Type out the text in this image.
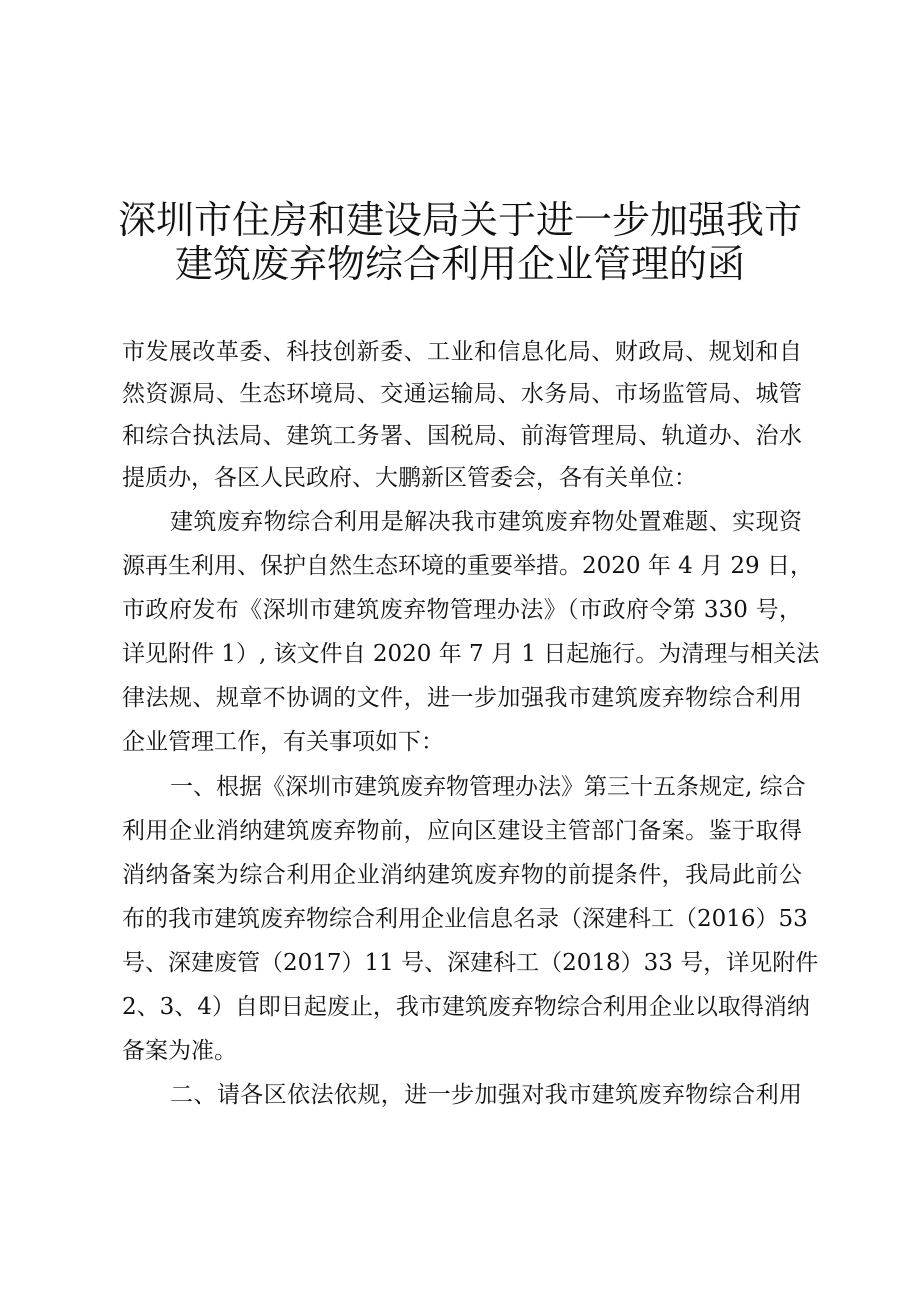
深圳市住房和建设局关于进一步加强我市
建筑废弃物综合利用企业管理的函
市发展改革委、科技创新委、工业和信息化局、财政局、规划和自
然资源局、生态环境局、交通运输局、水务局、市场监管局、城管
和综合执法局、建筑工务署、国税局、前海管理局、轨道办、治水
提质办，各区人民政府、大鹏新区管委会，各有关单位：
建筑废弃物综合利用是解决我市建筑废弃物处置难题、实现资
源再生利用、保护自然生态环境的重要举措。2020 年 4 月 29 日，
市政府发布《深圳市建筑废弃物管理办法》（市政府令第 330 号，
详见附件 1）, 该文件自 2020 年 7 月 1 日起施行。为清理与相关法
律法规、规章不协调的文件，进一步加强我市建筑废弃物综合利用
企业管理工作，有关事项如下：
一、根据《深圳市建筑废弃物管理办法》第三十五条规定, 综合
利用企业消纳建筑废弃物前，应向区建设主管部门备案。鉴于取得
消纳备案为综合利用企业消纳建筑废弃物的前提条件，我局此前公
布的我市建筑废弃物综合利用企业信息名录（深建科工（2016）53
号、深建废管（2017）11 号、深建科工（2018）33 号，详见附件
2、3、4）自即日起废止，我市建筑废弃物综合利用企业以取得消纳
备案为准。
二、请各区依法依规，进一步加强对我市建筑废弃物综合利用
